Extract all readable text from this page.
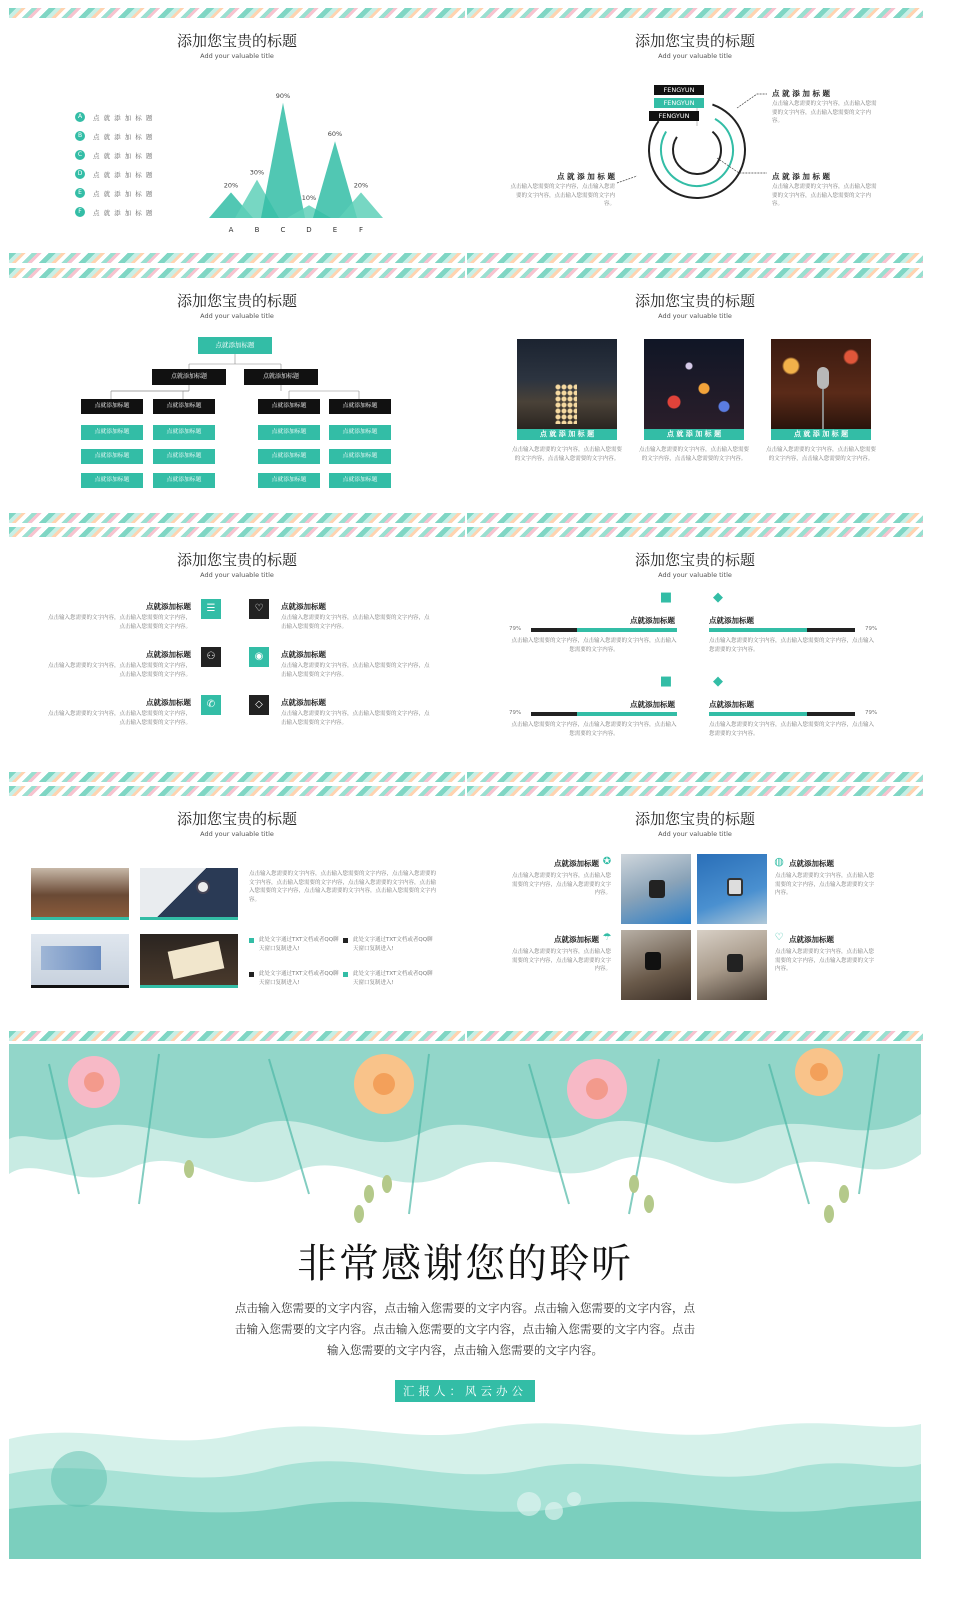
添加您宝贵的标题
Add your valuable title
A	点 就 添 加 标 题
B	点 就 添 加 标 题
C	点 就 添 加 标 题
D	点 就 添 加 标 题
E	点 就 添 加 标 题
F	点 就 添 加 标 题
20%
A
30%
B
90%
C
10%
D
60%
E
20%
F
添加您宝贵的标题
Add your valuable title
FENGYUN
FENGYUN
FENGYUN
点 就 添 加 标 题
点击输入您需要的文字内容，点击输入您需要的文字内容，点击输入您需要的文字内容。
点 就 添 加 标 题
点击输入您需要的文字内容，点击输入您需要的文字内容，点击输入您需要的文字内容。
点 就 添 加 标 题
点击输入您需要的文字内容，点击输入您需要的文字内容，点击输入您需要的文字内容。
添加您宝贵的标题
Add your valuable title
点就添加标题
点就添加标题	点就添加标题
点就添加标题
点就添加标题
点就添加标题
点就添加标题
点就添加标题
点就添加标题
点就添加标题
点就添加标题
点就添加标题
点就添加标题
点就添加标题
点就添加标题
点就添加标题
点就添加标题
点就添加标题
点就添加标题
添加您宝贵的标题
Add your valuable title
点 就 添 加 标 题	点 就 添 加 标 题	点 就 添 加 标 题
点击输入您需要的文字内容，点击输入您需要的文字内容，点击输入您需要的文字内容。
点击输入您需要的文字内容，点击输入您需要的文字内容，点击输入您需要的文字内容。
点击输入您需要的文字内容，点击输入您需要的文字内容，点击输入您需要的文字内容。
添加您宝贵的标题
Add your valuable title
点就添加标题
点击输入您需要的文字内容，点击输入您需要的文字内容，点击输入您需要的文字内容。
☰	♡	点就添加标题
点击输入您需要的文字内容，点击输入您需要的文字内容，点击输入您需要的文字内容。
点就添加标题
点击输入您需要的文字内容，点击输入您需要的文字内容，点击输入您需要的文字内容。
⚇	◉	点就添加标题
点击输入您需要的文字内容，点击输入您需要的文字内容，点击输入您需要的文字内容。
点就添加标题
点击输入您需要的文字内容，点击输入您需要的文字内容，点击输入您需要的文字内容。
✆	◇	点就添加标题
点击输入您需要的文字内容，点击输入您需要的文字内容，点击输入您需要的文字内容。
添加您宝贵的标题
Add your valuable title
■	◆
点就添加标题	点就添加标题
79%	79%
点击输入您需要的文字内容，点击输入您需要的文字内容，点击输入您需要的文字内容。
点击输入您需要的文字内容，点击输入您需要的文字内容，点击输入您需要的文字内容。
■	◆
点就添加标题	点就添加标题
79%	79%
点击输入您需要的文字内容，点击输入您需要的文字内容，点击输入您需要的文字内容。
点击输入您需要的文字内容，点击输入您需要的文字内容，点击输入您需要的文字内容。
添加您宝贵的标题
Add your valuable title
点击输入您需要的文字内容，点击输入您需要的文字内容，点击输入您需要的文字内容，点击输入您需要的文字内容，点击输入您需要的文字内容，点击输入您需要的文字内容，点击输入您需要的文字内容，点击输入您需要的文字内容。
此处文字通过TXT文档或者QQ聊天窗口复制进入!
此处文字通过TXT文档或者QQ聊天窗口复制进入!
此处文字通过TXT文档或者QQ聊天窗口复制进入!
此处文字通过TXT文档或者QQ聊天窗口复制进入!
添加您宝贵的标题
Add your valuable title
点就添加标题
点击输入您需要的文字内容，点击输入您需要的文字内容，点击输入您需要的文字内容。
点就添加标题
点击输入您需要的文字内容，点击输入您需要的文字内容，点击输入您需要的文字内容。
◍ 点就添加标题
点击输入您需要的文字内容，点击输入您需要的文字内容，点击输入您需要的文字内容。
♡ 点就添加标题
点击输入您需要的文字内容，点击输入您需要的文字内容，点击输入您需要的文字内容。
✪
☂
非常感谢您的聆听
点击输入您需要的文字内容，点击输入您需要的文字内容。点击输入您需要的文字内容，点击输入您需要的文字内容。点击输入您需要的文字内容，点击输入您需要的文字内容。点击输入您需要的文字内容，点击输入您需要的文字内容。
汇报人：风云办公
